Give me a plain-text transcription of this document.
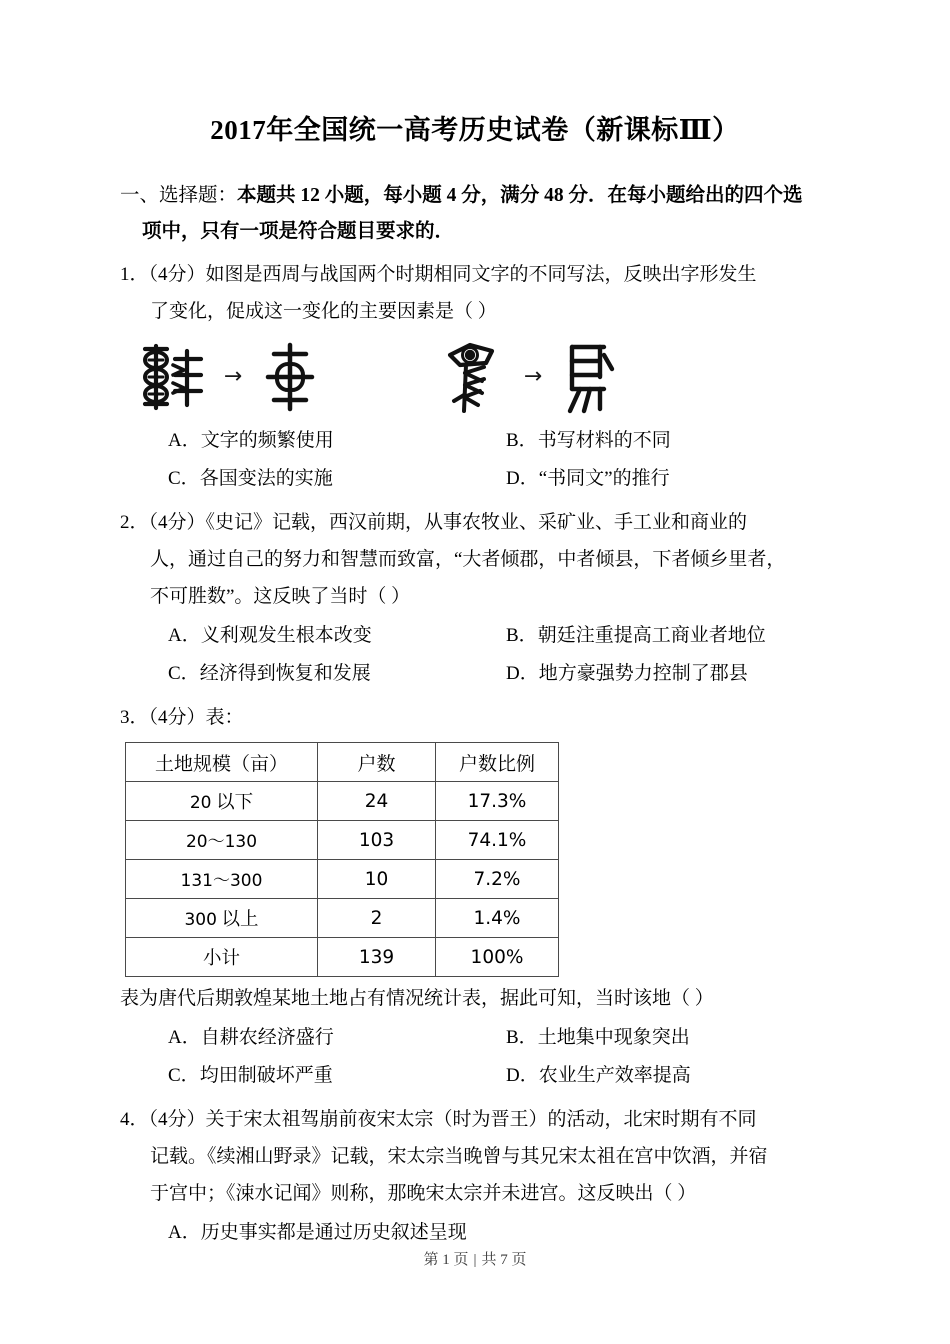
2017年全国统一高考历史试卷（新课标Ⅲ）
一、选择题：本题共 12 小题，每小题 4 分，满分 48 分．在每小题给出的四个选
项中，只有一项是符合题目要求的．
1．（4分）如图是西周与战国两个时期相同文字的不同写法，反映出字形发生
了变化，促成这一变化的主要因素是（ ）
→	→
A．文字的频繁使用	B．书写材料的不同
C．各国变法的实施	D．“书同文”的推行
2．（4分）《史记》记载，西汉前期，从事农牧业、采矿业、手工业和商业的
人，通过自己的努力和智慧而致富，“大者倾郡，中者倾县，下者倾乡里者，
不可胜数”。这反映了当时（ ）
A．义利观发生根本改变	B．朝廷注重提高工商业者地位
C．经济得到恢复和发展	D．地方豪强势力控制了郡县
3．（4分）表：
土地规模（亩）	户数	户数比例
20 以下	24	17.3%
20～130	103	74.1%
131～300	10	7.2%
300 以上	2	1.4%
小计	139	100%
表为唐代后期敦煌某地土地占有情况统计表，据此可知，当时该地（ ）
A．自耕农经济盛行	B．土地集中现象突出
C．均田制破坏严重	D．农业生产效率提高
4．（4分）关于宋太祖驾崩前夜宋太宗（时为晋王）的活动，北宋时期有不同
记载。《续湘山野录》记载，宋太宗当晚曾与其兄宋太祖在宫中饮酒，并宿
于宫中；《涑水记闻》则称，那晚宋太宗并未进宫。这反映出（ ）
A．历史事实都是通过历史叙述呈现
第 1 页 | 共 7 页
